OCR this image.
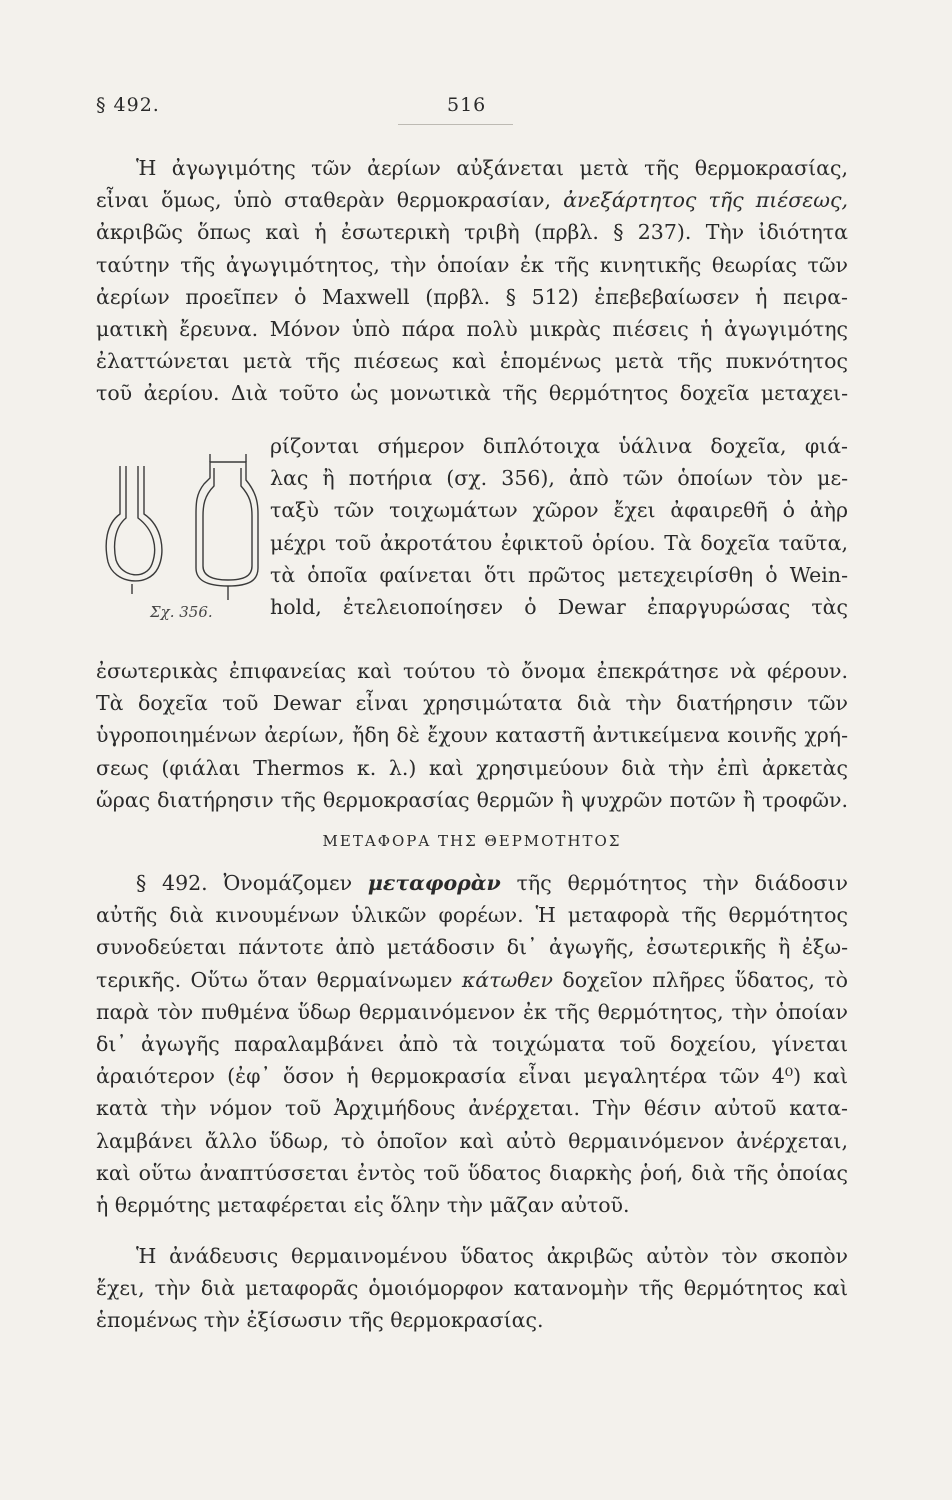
§ 492.	516
Ἡ ἀγωγιμότης τῶν ἀερίων αὐξάνεται μετὰ τῆς θερμοκρασίας,
εἶναι ὅμως, ὑπὸ σταθερὰν θερμοκρασίαν, ἀνεξάρτητος τῆς πιέσεως,
ἀκριβῶς ὅπως καὶ ἡ ἐσωτερικὴ τριβὴ (πρβλ. § 237). Τὴν ἰδιότητα
ταύτην τῆς ἀγωγιμότητος, τὴν ὁποίαν ἐκ τῆς κινητικῆς θεωρίας τῶν
ἀερίων προεῖπεν ὁ Maxwell (πρβλ. § 512) ἐπεβεβαίωσεν ἡ πειρα-
ματικὴ ἔρευνα. Μόνον ὑπὸ πάρα πολὺ μικρὰς πιέσεις ἡ ἀγωγιμότης
ἐλαττώνεται μετὰ τῆς πιέσεως καὶ ἑπομένως μετὰ τῆς πυκνότητος
τοῦ ἀερίου. Διὰ τοῦτο ὡς μονωτικὰ τῆς θερμότητος δοχεῖα μεταχει-
ρίζονται σήμερον διπλότοιχα ὑάλινα δοχεῖα, φιά-
λας ἢ ποτήρια (σχ. 356), ἀπὸ τῶν ὁποίων τὸν με-
ταξὺ τῶν τοιχωμάτων χῶρον ἔχει ἀφαιρεθῆ ὁ ἀὴρ
μέχρι τοῦ ἀκροτάτου ἐφικτοῦ ὁρίου. Τὰ δοχεῖα ταῦτα,
τὰ ὁποῖα φαίνεται ὅτι πρῶτος μετεχειρίσθη ὁ Wein-
hold, ἐτελειοποίησεν ὁ Dewar ἐπαργυρώσας τὰς
Σχ. 356.
ἐσωτερικὰς ἐπιφανείας καὶ τούτου τὸ ὄνομα ἐπεκράτησε νὰ φέρουν.
Τὰ δοχεῖα τοῦ Dewar εἶναι χρησιμώτατα διὰ τὴν διατήρησιν τῶν
ὑγροποιημένων ἀερίων, ἤδη δὲ ἔχουν καταστῆ ἀντικείμενα κοινῆς χρή-
σεως (φιάλαι Thermos κ. λ.) καὶ χρησιμεύουν διὰ τὴν ἐπὶ ἀρκετὰς
ὥρας διατήρησιν τῆς θερμοκρασίας θερμῶν ἢ ψυχρῶν ποτῶν ἢ τροφῶν.
ΜΕΤΑΦΟΡΑ ΤΗΣ ΘΕΡΜΟΤΗΤΟΣ
§ 492. Ὀνομάζομεν μεταφορὰν τῆς θερμότητος τὴν διάδοσιν
αὐτῆς διὰ κινουμένων ὑλικῶν φορέων. Ἡ μεταφορὰ τῆς θερμότητος
συνοδεύεται πάντοτε ἀπὸ μετάδοσιν δι᾽ ἀγωγῆς, ἐσωτερικῆς ἢ ἐξω-
τερικῆς. Οὕτω ὅταν θερμαίνωμεν κάτωθεν δοχεῖον πλῆρες ὕδατος, τὸ
παρὰ τὸν πυθμένα ὕδωρ θερμαινόμενον ἐκ τῆς θερμότητος, τὴν ὁποίαν
δι᾽ ἀγωγῆς παραλαμβάνει ἀπὸ τὰ τοιχώματα τοῦ δοχείου, γίνεται
ἀραιότερον (ἐφ᾽ ὅσον ἡ θερμοκρασία εἶναι μεγαλητέρα τῶν 4⁰) καὶ
κατὰ τὴν νόμον τοῦ Ἀρχιμήδους ἀνέρχεται. Τὴν θέσιν αὐτοῦ κατα-
λαμβάνει ἄλλο ὕδωρ, τὸ ὁποῖον καὶ αὐτὸ θερμαινόμενον ἀνέρχεται,
καὶ οὕτω ἀναπτύσσεται ἐντὸς τοῦ ὕδατος διαρκὴς ῥοή, διὰ τῆς ὁποίας
ἡ θερμότης μεταφέρεται εἰς ὅλην τὴν μᾶζαν αὐτοῦ.
Ἡ ἀνάδευσις θερμαινομένου ὕδατος ἀκριβῶς αὐτὸν τὸν σκοπὸν
ἔχει, τὴν διὰ μεταφορᾶς ὁμοιόμορφον κατανομὴν τῆς θερμότητος καὶ
ἑπομένως τὴν ἐξίσωσιν τῆς θερμοκρασίας.
